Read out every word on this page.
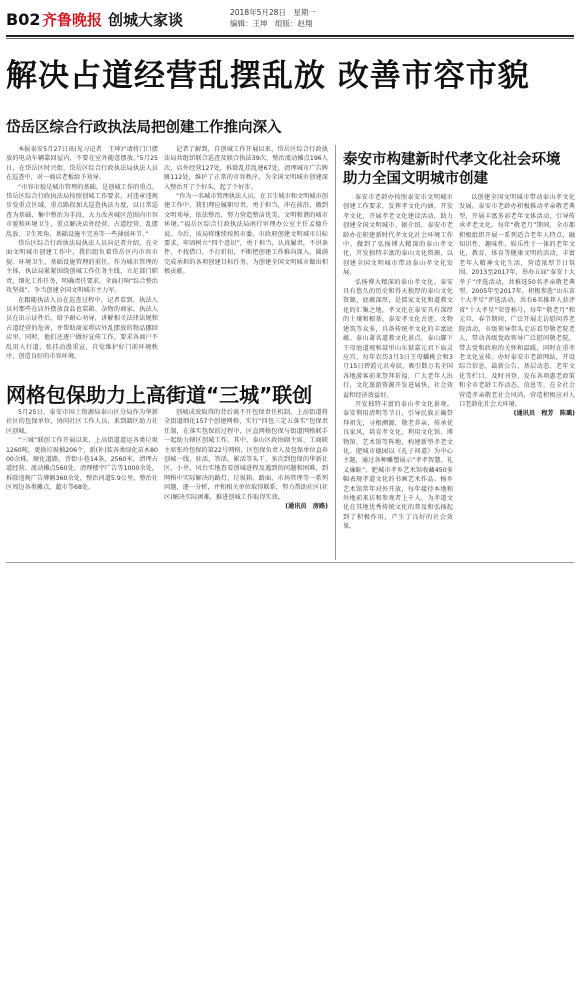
B02 齐鲁晚报 创城大家谈	2018年5月28日　星期一
编辑：王坤　组版：赵翔
解决占道经营乱摆乱放 改善市容市貌
岱岳区综合行政执法局把创建工作推向深入

本报泰安5月27日讯(见习记者　王坤)“请将门口摆放的电动车辆靠回屋内，不要在室外随意摆放。”5月25日，在岱岳区时兴街，岱岳区综合行政执法局执法人员在巡查中，对一商店老板给予劝导。

“市容市貌是城市管理的基础，是创城工作的重点。岱岳区综合行政执法局按照创城工作要求，对违章违规步发重点区域，重点路段加大巡查执法力度，以日常巡查为基础，集中整治为手段，大力改善城区范围内市容市貌和环境卫生，重点解决店外经营、占道经营、乱摆乱放、卫生死角、基础设施不完善等一些薄弱环节。”

岱岳区综合行政执法局执法人员向记者介绍，在全面文明城市创建工作中，我们组负着岱岳区内市容市貌、环境卫生、基础设施管理的重任。作为城市管理的主体，执法局紧紧围绕创城工作任务主线，立足部门职责，细化工作任务，明确责任要求，全面打响“综合整治攻坚战”，争当创建全国文明城市主力军。

在跟随执法人员在巡查过程中，记者看到，执法人员对那些在店外摆放食品也装箱、杂物的商家，执法人员在出示证件后，给予耐心劝导，讲解相关法律法规和占道经营的危害，并帮助商家将店外乱摆放的物品挪回店里。同时，他们还逐户做好宣传工作，要求各商户不乱用人行道，张挂动漫重宣，自觉维护好门前环境秩序，创造良好的市容环境。

记者了解到，自创城工作开展以来，岱岳区综合行政执法局共组织联合巡查及联合执法39次，整治流动摊点196人次，店外经营127处，拆除乱挂乱建67处，清理城市广告牌匾112处，维护了正常的市容秩序，为全国文明城市创建深入整治开了个好头，起了个好步。

“作为一名城市管理执法人员，在卫生城市和文明城市创建工作中，我们理应履职尽责，勇于担当，冲在前沿，做到文明劝导，依法整治，努力营造整洁优美、文明和谐的城市环境。”福岳区综合行政执法局南行审理办公室主任孟德升说。今后，该局将继续按照市委、市政府创建文明城市目标要求，牢固树立“四个意识”，勇于担当，认真履责，不讲条件，不找借口，不打折扣，不断把创建工作推向深入，圆满完成承担的各项创建目标任务，为创建全国文明城市做出积极贡献。

网格包保助力上高街道“三城”联创

5月25日，泰安市国土资源局泰山区分局作为华新社区的包保单位，协同社区工作人员，来到籍区助力社区创城。

“三城”联创工作开展以来，上高街道道运各类垃圾1260吨，更换垃圾桶206个，新(补)装各类绿化苗木8000余株，硬化道路，背街小巷14条，2560米，清理占道经营、流动摊点560处，清理楼宇广告等1000余处，拆除违规广告牌匾360余处，整治河道5.9公里，整治社区周边各类摊点，超市等68处。

创城成效取得的背后离不开包保责任机制，上高街道将全街道细化157个创建网格，实行“四包三定五落实”包保责任制，在落实包保的过程中，区直网格包保与街道网格联手一起助力辖区创城工作。其中，泰山区政协副主席、工商联主席张玲包保的第22号网格，区包保负责人及包保单位直奔创城一线，驻活，答活，累活等头干，多次到包保的华新社区，小井，风台实地查看创城进程及遇到的问题和困难，到网格中实际解决的路灯、垃圾箱、路面、市场管理等一系列问题，逐一分析，并和相关单位取得联系，努力帮助社区(社区)解决实际困难，推进创城工作取得实效。

(通讯员　房路)

泰安市构建新时代孝文化社会环境助力全国文明城市创建

泰安市老龄办按照泰安市文明城市创建工作要求，发挥孝文化内涵，开发孝文化，开展孝老文化建设活动，助力创建全国文明城市。据介绍，泰安市老龄办在积建新时代孝文化社会环境工作中，做到了弘扬博大精深的泰山孝文化，开发独特丰富的泰山文化资源，以创建全国文明城市带动泰山孝文化发展。

弘扬博大精深的泰山孝文化。泰安具有悠久的历史和得天独厚的泰山文化资源，底蕴深厚，是儒家文化和道教文化的汇集之地，孝文化在泰安具有深厚的土壤和根基。泰安孝文化古迹、文物建筑等众多，具备传统孝文化的丰富底蕴。泰山著名道教文化景点，泰山脚下王母池道观和蒿里山东狱嘉元君下庙灵应宫，每年农历3月3日王母蟠桃会和3月15日碧霞元君寿辰，吸引数万名全国各地游客前来祭拜祈福，广大老年人出行，文化旅游资源开发进展快，社会效益和经济效益好。

开发独特丰富的泰山孝文化景观。泰安利用清明等节日，引导民族正确祭拜祖先，寻根溯源，敬老养亲，传承优良家风，培育孝文化，利用文化馆、博物馆、艺术馆等阵地，构建新型孝老文化。肥城市德园以《孔子问道》为中心主题，通过各种雕塑展示“孝孝智慧、礼义廉耻”，肥城市孝乡艺术馆收藏450多幅表现孝道文化的书画艺术作品。杨乡艺术馆常年对外开放，每年接待本地和外地前来访和参观者上千人，为孝道文化在其地优秀传统文化的普及和弘扬起到了积极作用，产生了良好的社会效果。

以创建全国文明城市带动泰山孝文化发展。泰安市老龄办积极推动孝亲敬老典型，开展丰富多彩老年文体活动，引导传承孝老文化。每年“敬老月”期间，全市都积极组织开展一系列适合老年人特点，融知识性、趣味性、娱乐性于一体的老年文化，教育，体育等健康文明的活动，丰富老年人精神文化生活，营造浓厚节日氛围。2013至2017年，举办五届“泰安十大孝子”评选活动，共推选50名孝亲敬老典型。2005年至2017年，积极参选“山东省十大孝星”评选活动，共有6名推荐人获评省“十大孝星”荣誉称号，每年“敬老月”和元旦，春节期间，广泛开展走访慰问养老院活动，市级领导带头走访看望敬老院老人，带动各级党政领导广泛慰问敬老院，带去党和政府的关怀和温暖，同时在重孝老文化宣传。办好泰安市老龄网站，开设综合信息，最新公告、基层动态、老年文化等栏目，及时刊登，发布各项惠老政策和全市老龄工作动态，信息等，在全社会营造孝亲敬老社会风尚，营造积极应对人口老龄化社会大环境。

(通讯员　程芳　陈璐)
